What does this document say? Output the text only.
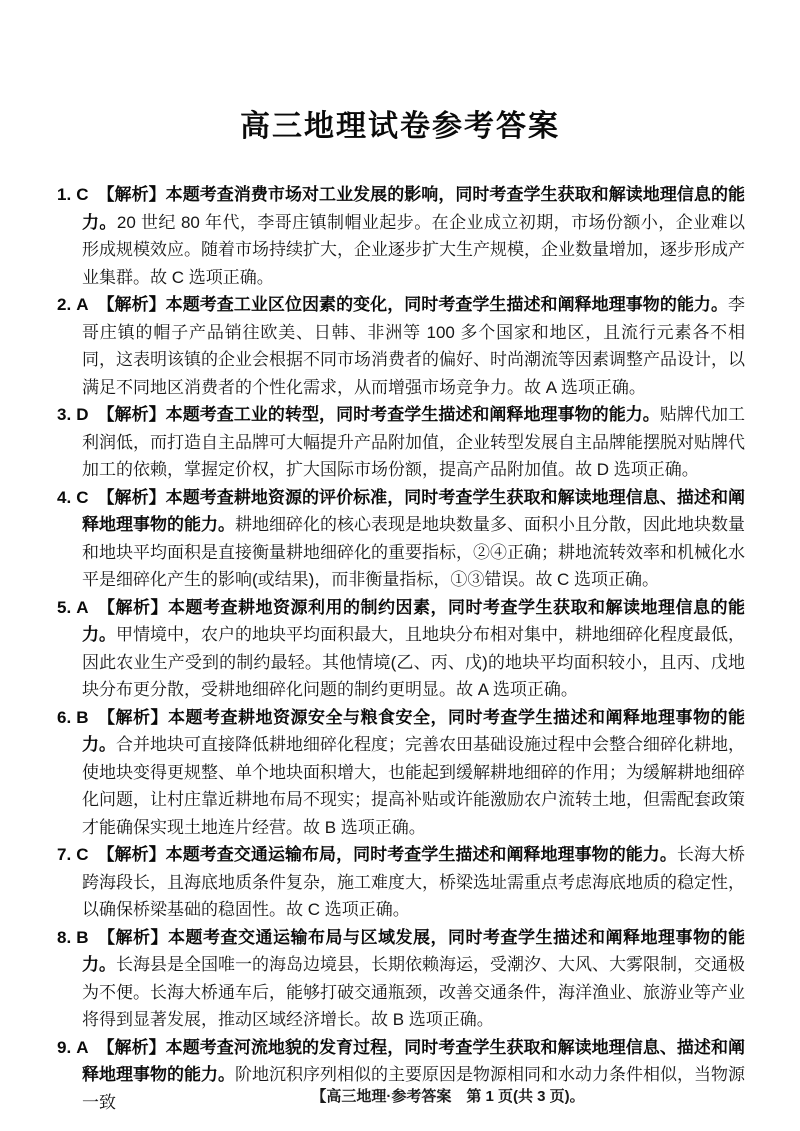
高三地理试卷参考答案
1. C 【解析】本题考查消费市场对工业发展的影响，同时考查学生获取和解读地理信息的能力。20 世纪 80 年代，李哥庄镇制帽业起步。在企业成立初期，市场份额小，企业难以形成规模效应。随着市场持续扩大，企业逐步扩大生产规模，企业数量增加，逐步形成产业集群。故 C 选项正确。
2. A 【解析】本题考查工业区位因素的变化，同时考查学生描述和阐释地理事物的能力。李哥庄镇的帽子产品销往欧美、日韩、非洲等 100 多个国家和地区，且流行元素各不相同，这表明该镇的企业会根据不同市场消费者的偏好、时尚潮流等因素调整产品设计，以满足不同地区消费者的个性化需求，从而增强市场竞争力。故 A 选项正确。
3. D 【解析】本题考查工业的转型，同时考查学生描述和阐释地理事物的能力。贴牌代加工利润低，而打造自主品牌可大幅提升产品附加值，企业转型发展自主品牌能摆脱对贴牌代加工的依赖，掌握定价权，扩大国际市场份额，提高产品附加值。故 D 选项正确。
4. C 【解析】本题考查耕地资源的评价标准，同时考查学生获取和解读地理信息、描述和阐释地理事物的能力。耕地细碎化的核心表现是地块数量多、面积小且分散，因此地块数量和地块平均面积是直接衡量耕地细碎化的重要指标，②④正确；耕地流转效率和机械化水平是细碎化产生的影响(或结果)，而非衡量指标，①③错误。故 C 选项正确。
5. A 【解析】本题考查耕地资源利用的制约因素，同时考查学生获取和解读地理信息的能力。甲情境中，农户的地块平均面积最大，且地块分布相对集中，耕地细碎化程度最低，因此农业生产受到的制约最轻。其他情境(乙、丙、戊)的地块平均面积较小，且丙、戊地块分布更分散，受耕地细碎化问题的制约更明显。故 A 选项正确。
6. B 【解析】本题考查耕地资源安全与粮食安全，同时考查学生描述和阐释地理事物的能力。合并地块可直接降低耕地细碎化程度；完善农田基础设施过程中会整合细碎化耕地，使地块变得更规整、单个地块面积增大，也能起到缓解耕地细碎的作用；为缓解耕地细碎化问题，让村庄靠近耕地布局不现实；提高补贴或许能激励农户流转土地，但需配套政策才能确保实现土地连片经营。故 B 选项正确。
7. C 【解析】本题考查交通运输布局，同时考查学生描述和阐释地理事物的能力。长海大桥跨海段长，且海底地质条件复杂，施工难度大，桥梁选址需重点考虑海底地质的稳定性，以确保桥梁基础的稳固性。故 C 选项正确。
8. B 【解析】本题考查交通运输布局与区域发展，同时考查学生描述和阐释地理事物的能力。长海县是全国唯一的海岛边境县，长期依赖海运，受潮汐、大风、大雾限制，交通极为不便。长海大桥通车后，能够打破交通瓶颈，改善交通条件，海洋渔业、旅游业等产业将得到显著发展，推动区域经济增长。故 B 选项正确。
9. A 【解析】本题考查河流地貌的发育过程，同时考查学生获取和解读地理信息、描述和阐释地理事物的能力。阶地沉积序列相似的主要原因是物源相同和水动力条件相似，当物源一致	【高三地理·参考答案　第 1 页(共 3 页)。
